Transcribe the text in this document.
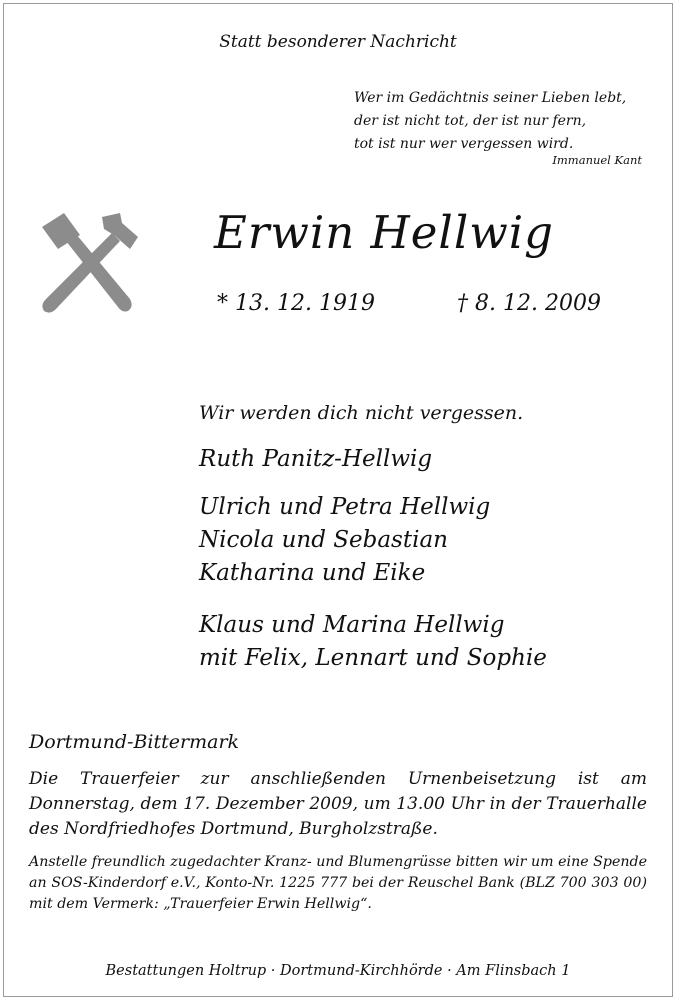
Statt besonderer Nachricht
Wer im Gedächtnis seiner Lieben lebt,
der ist nicht tot, der ist nur fern,
tot ist nur wer vergessen wird.
Immanuel Kant
Erwin Hellwig
* 13. 12. 1919	† 8. 12. 2009
Wir werden dich nicht vergessen.
Ruth Panitz-Hellwig
Ulrich und Petra Hellwig
Nicola und Sebastian
Katharina und Eike
Klaus und Marina Hellwig
mit Felix, Lennart und Sophie
Dortmund-Bittermark
Die Trauerfeier zur anschließenden Urnenbeisetzung ist am Donnerstag, dem 17. Dezember 2009, um 13.00 Uhr in der Trauerhalle des Nordfriedhofes Dortmund, Burgholzstraße.
Anstelle freundlich zugedachter Kranz- und Blumengrüsse bitten wir um eine Spende an SOS-Kinderdorf e.V., Konto-Nr. 1225 777 bei der Reuschel Bank (BLZ 700 303 00) mit dem Vermerk: „Trauerfeier Erwin Hellwig“.
Bestattungen Holtrup · Dortmund-Kirchhörde · Am Flinsbach 1
